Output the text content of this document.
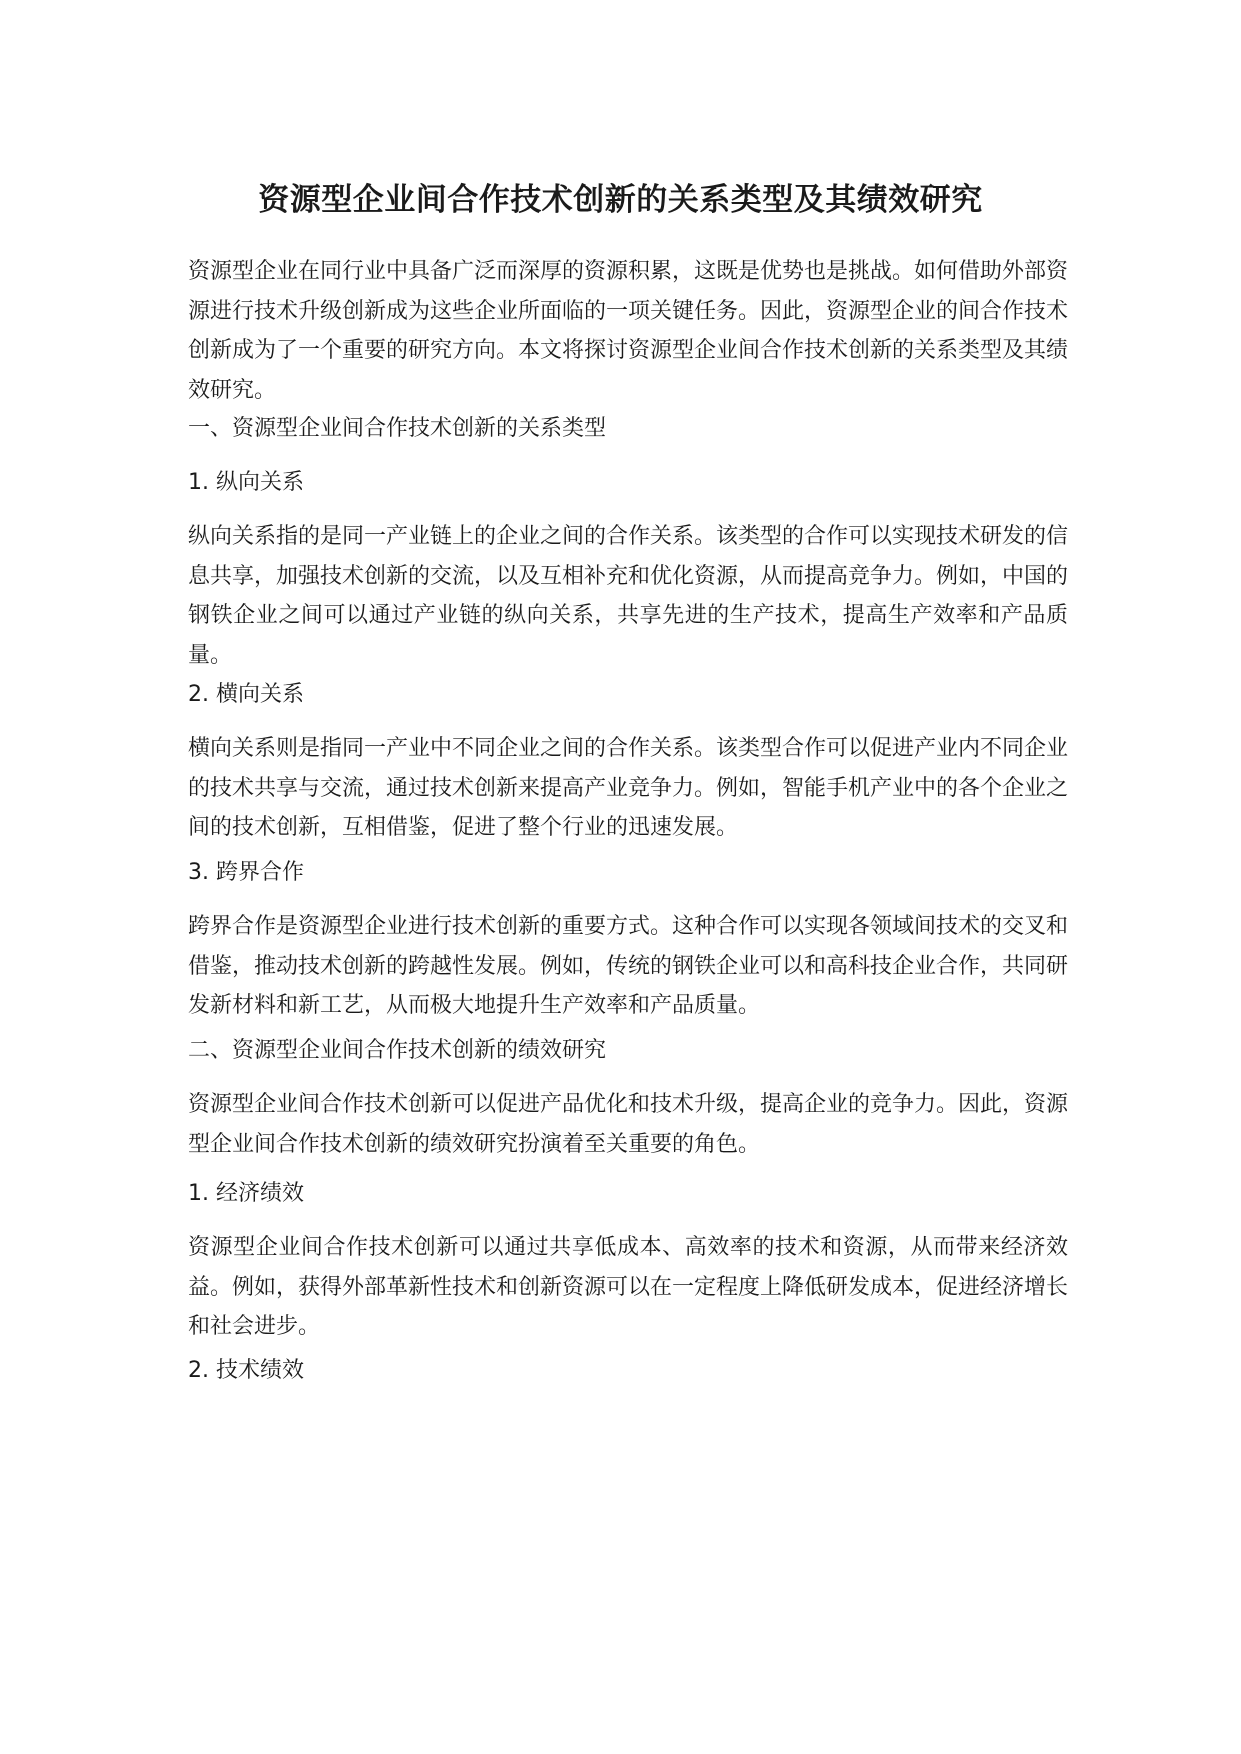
资源型企业间合作技术创新的关系类型及其绩效研究

资源型企业在同行业中具备广泛而深厚的资源积累，这既是优势也是挑战。如何借助外部资源进行技术升级创新成为这些企业所面临的一项关键任务。因此，资源型企业的间合作技术创新成为了一个重要的研究方向。本文将探讨资源型企业间合作技术创新的关系类型及其绩效研究。

一、资源型企业间合作技术创新的关系类型

1. 纵向关系

纵向关系指的是同一产业链上的企业之间的合作关系。该类型的合作可以实现技术研发的信息共享，加强技术创新的交流，以及互相补充和优化资源，从而提高竞争力。例如，中国的钢铁企业之间可以通过产业链的纵向关系，共享先进的生产技术，提高生产效率和产品质量。

2. 横向关系

横向关系则是指同一产业中不同企业之间的合作关系。该类型合作可以促进产业内不同企业的技术共享与交流，通过技术创新来提高产业竞争力。例如，智能手机产业中的各个企业之间的技术创新，互相借鉴，促进了整个行业的迅速发展。

3. 跨界合作

跨界合作是资源型企业进行技术创新的重要方式。这种合作可以实现各领域间技术的交叉和借鉴，推动技术创新的跨越性发展。例如，传统的钢铁企业可以和高科技企业合作，共同研发新材料和新工艺，从而极大地提升生产效率和产品质量。

二、资源型企业间合作技术创新的绩效研究

资源型企业间合作技术创新可以促进产品优化和技术升级，提高企业的竞争力。因此，资源型企业间合作技术创新的绩效研究扮演着至关重要的角色。

1. 经济绩效

资源型企业间合作技术创新可以通过共享低成本、高效率的技术和资源，从而带来经济效益。例如，获得外部革新性技术和创新资源可以在一定程度上降低研发成本，促进经济增长和社会进步。

2. 技术绩效
